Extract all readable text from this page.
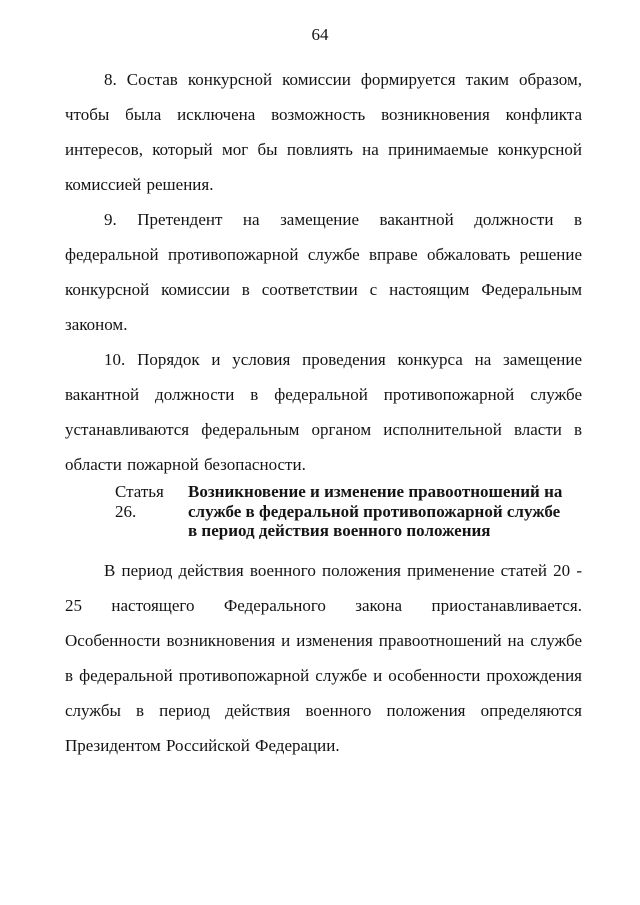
64

8. Состав конкурсной комиссии формируется таким образом, чтобы была исключена возможность возникновения конфликта интересов, который мог бы повлиять на принимаемые конкурсной комиссией решения.

9. Претендент на замещение вакантной должности в федеральной противопожарной службе вправе обжаловать решение конкурсной комиссии в соответствии с настоящим Федеральным законом.

10. Порядок и условия проведения конкурса на замещение вакантной должности в федеральной противопожарной службе устанавливаются федеральным органом исполнительной власти в области пожарной безопасности.

Статья 26.
Возникновение и изменение правоотношений на
службе в федеральной противопожарной службе
в период действия военного положения

В период действия военного положения применение статей 20 - 25 настоящего Федерального закона приостанавливается. Особенности возникновения и изменения правоотношений на службе в федеральной противопожарной службе и особенности прохождения службы в период действия военного положения определяются Президентом Российской Федерации.
